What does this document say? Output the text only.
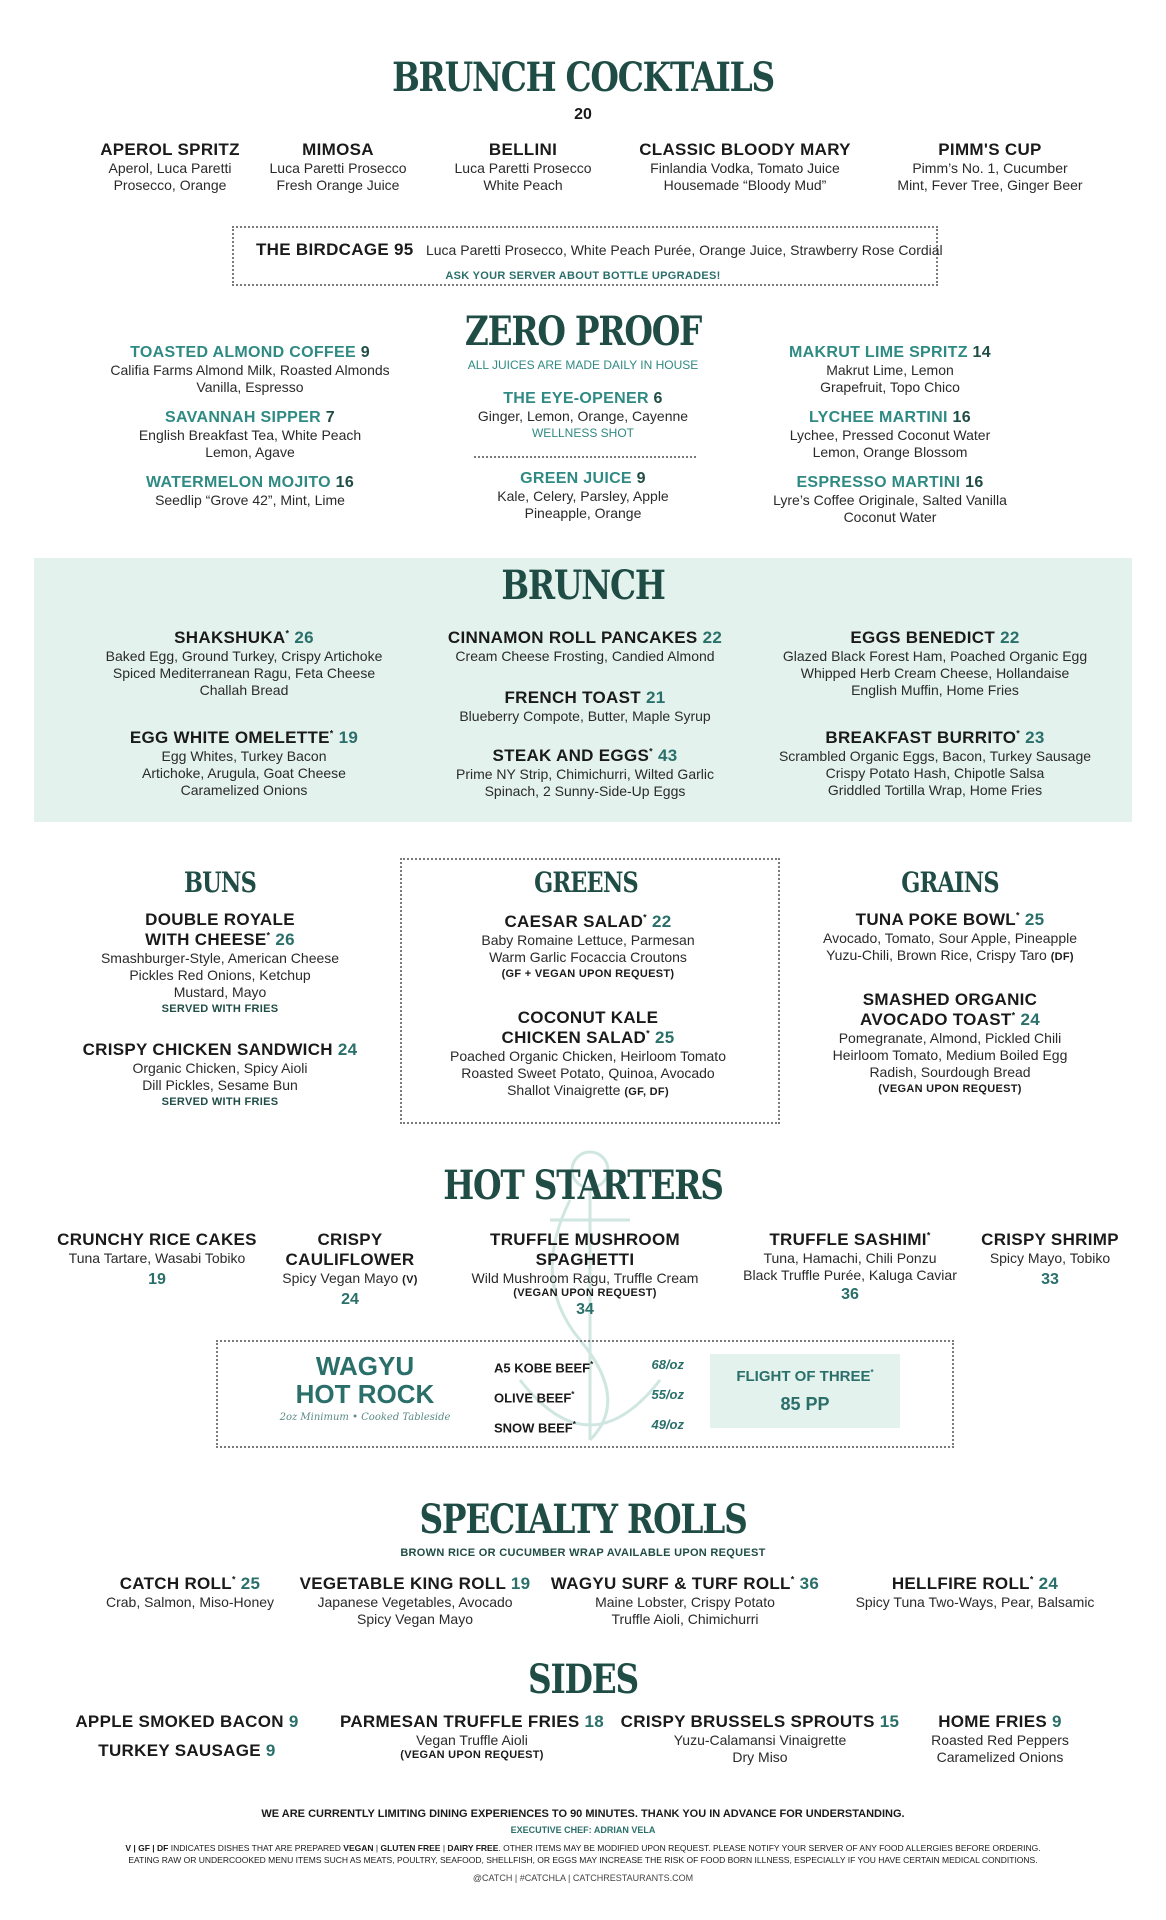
BRUNCH COCKTAILS
20
APEROL SPRITZ
Aperol, Luca Paretti
Prosecco, Orange
MIMOSA
Luca Paretti Prosecco
Fresh Orange Juice
BELLINI
Luca Paretti Prosecco
White Peach
CLASSIC BLOODY MARY
Finlandia Vodka, Tomato Juice
Housemade “Bloody Mud”
PIMM'S CUP
Pimm’s No. 1, Cucumber
Mint, Fever Tree, Ginger Beer
THE BIRDCAGE 95 Luca Paretti Prosecco, White Peach Purée, Orange Juice, Strawberry Rose Cordial
ASK YOUR SERVER ABOUT BOTTLE UPGRADES!
ZERO PROOF
ALL JUICES ARE MADE DAILY IN HOUSE
TOASTED ALMOND COFFEE 9
Califia Farms Almond Milk, Roasted Almonds
Vanilla, Espresso
SAVANNAH SIPPER 7
English Breakfast Tea, White Peach
Lemon, Agave
WATERMELON MOJITO 16
Seedlip “Grove 42”, Mint, Lime
THE EYE-OPENER 6
Ginger, Lemon, Orange, Cayenne
WELLNESS SHOT
GREEN JUICE 9
Kale, Celery, Parsley, Apple
Pineapple, Orange
MAKRUT LIME SPRITZ 14
Makrut Lime, Lemon
Grapefruit, Topo Chico
LYCHEE MARTINI 16
Lychee, Pressed Coconut Water
Lemon, Orange Blossom
ESPRESSO MARTINI 16
Lyre’s Coffee Originale, Salted Vanilla
Coconut Water
BRUNCH
SHAKSHUKA* 26
Baked Egg, Ground Turkey, Crispy Artichoke
Spiced Mediterranean Ragu, Feta Cheese
Challah Bread
EGG WHITE OMELETTE* 19
Egg Whites, Turkey Bacon
Artichoke, Arugula, Goat Cheese
Caramelized Onions
CINNAMON ROLL PANCAKES 22
Cream Cheese Frosting, Candied Almond
FRENCH TOAST 21
Blueberry Compote, Butter, Maple Syrup
STEAK AND EGGS* 43
Prime NY Strip, Chimichurri, Wilted Garlic
Spinach, 2 Sunny-Side-Up Eggs
EGGS BENEDICT 22
Glazed Black Forest Ham, Poached Organic Egg
Whipped Herb Cream Cheese, Hollandaise
English Muffin, Home Fries
BREAKFAST BURRITO* 23
Scrambled Organic Eggs, Bacon, Turkey Sausage
Crispy Potato Hash, Chipotle Salsa
Griddled Tortilla Wrap, Home Fries
BUNS
DOUBLE ROYALE
WITH CHEESE* 26
Smashburger-Style, American Cheese
Pickles Red Onions, Ketchup
Mustard, Mayo
SERVED WITH FRIES
CRISPY CHICKEN SANDWICH 24
Organic Chicken, Spicy Aioli
Dill Pickles, Sesame Bun
SERVED WITH FRIES
GREENS
CAESAR SALAD* 22
Baby Romaine Lettuce, Parmesan
Warm Garlic Focaccia Croutons
(GF + VEGAN UPON REQUEST)
COCONUT KALE
CHICKEN SALAD* 25
Poached Organic Chicken, Heirloom Tomato
Roasted Sweet Potato, Quinoa, Avocado
Shallot Vinaigrette (GF, DF)
GRAINS
TUNA POKE BOWL* 25
Avocado, Tomato, Sour Apple, Pineapple
Yuzu-Chili, Brown Rice, Crispy Taro (DF)
SMASHED ORGANIC
AVOCADO TOAST* 24
Pomegranate, Almond, Pickled Chili
Heirloom Tomato, Medium Boiled Egg
Radish, Sourdough Bread
(VEGAN UPON REQUEST)
HOT STARTERS
CRUNCHY RICE CAKES
Tuna Tartare, Wasabi Tobiko
19
CRISPY
CAULIFLOWER
Spicy Vegan Mayo (V)
24
TRUFFLE MUSHROOM SPAGHETTI
Wild Mushroom Ragu, Truffle Cream
(VEGAN UPON REQUEST)
34
TRUFFLE SASHIMI*
Tuna, Hamachi, Chili Ponzu
Black Truffle Purée, Kaluga Caviar
36
CRISPY SHRIMP
Spicy Mayo, Tobiko
33
WAGYU
HOT ROCK
2oz Minimum • Cooked Tableside
A5 KOBE BEEF*	68/oz
OLIVE BEEF*	55/oz
SNOW BEEF*	49/oz
FLIGHT OF THREE*
85 PP
SPECIALTY ROLLS
BROWN RICE OR CUCUMBER WRAP AVAILABLE UPON REQUEST
CATCH ROLL* 25
Crab, Salmon, Miso-Honey
VEGETABLE KING ROLL 19
Japanese Vegetables, Avocado
Spicy Vegan Mayo
WAGYU SURF & TURF ROLL* 36
Maine Lobster, Crispy Potato
Truffle Aioli, Chimichurri
HELLFIRE ROLL* 24
Spicy Tuna Two-Ways, Pear, Balsamic
SIDES
APPLE SMOKED BACON 9
TURKEY SAUSAGE 9
PARMESAN TRUFFLE FRIES 18
Vegan Truffle Aioli
(VEGAN UPON REQUEST)
CRISPY BRUSSELS SPROUTS 15
Yuzu-Calamansi Vinaigrette
Dry Miso
HOME FRIES 9
Roasted Red Peppers
Caramelized Onions
WE ARE CURRENTLY LIMITING DINING EXPERIENCES TO 90 MINUTES. THANK YOU IN ADVANCE FOR UNDERSTANDING.
EXECUTIVE CHEF: ADRIAN VELA
V | GF | DF INDICATES DISHES THAT ARE PREPARED VEGAN | GLUTEN FREE | DAIRY FREE. OTHER ITEMS MAY BE MODIFIED UPON REQUEST. PLEASE NOTIFY YOUR SERVER OF ANY FOOD ALLERGIES BEFORE ORDERING.
EATING RAW OR UNDERCOOKED MENU ITEMS SUCH AS MEATS, POULTRY, SEAFOOD, SHELLFISH, OR EGGS MAY INCREASE THE RISK OF FOOD BORN ILLNESS, ESPECIALLY IF YOU HAVE CERTAIN MEDICAL CONDITIONS.
@CATCH | #CATCHLA | CATCHRESTAURANTS.COM
